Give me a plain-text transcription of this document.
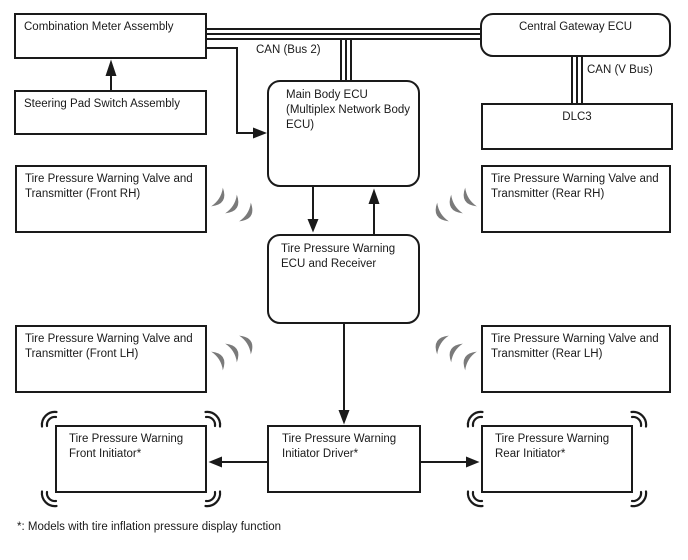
Combination Meter Assembly
Steering Pad Switch Assembly
Central Gateway ECU
Main Body ECU (Multiplex Network Body ECU)
DLC3
Tire Pressure Warning Valve and Transmitter (Front RH)
Tire Pressure Warning Valve and Transmitter (Rear RH)
Tire Pressure Warning ECU and Receiver
Tire Pressure Warning Valve and Transmitter (Front LH)
Tire Pressure Warning Valve and Transmitter (Rear LH)
Tire Pressure Warning Front Initiator*
Tire Pressure Warning Initiator Driver*
Tire Pressure Warning Rear Initiator*
CAN (Bus 2)
CAN (V Bus)
*: Models with tire inflation pressure display function
